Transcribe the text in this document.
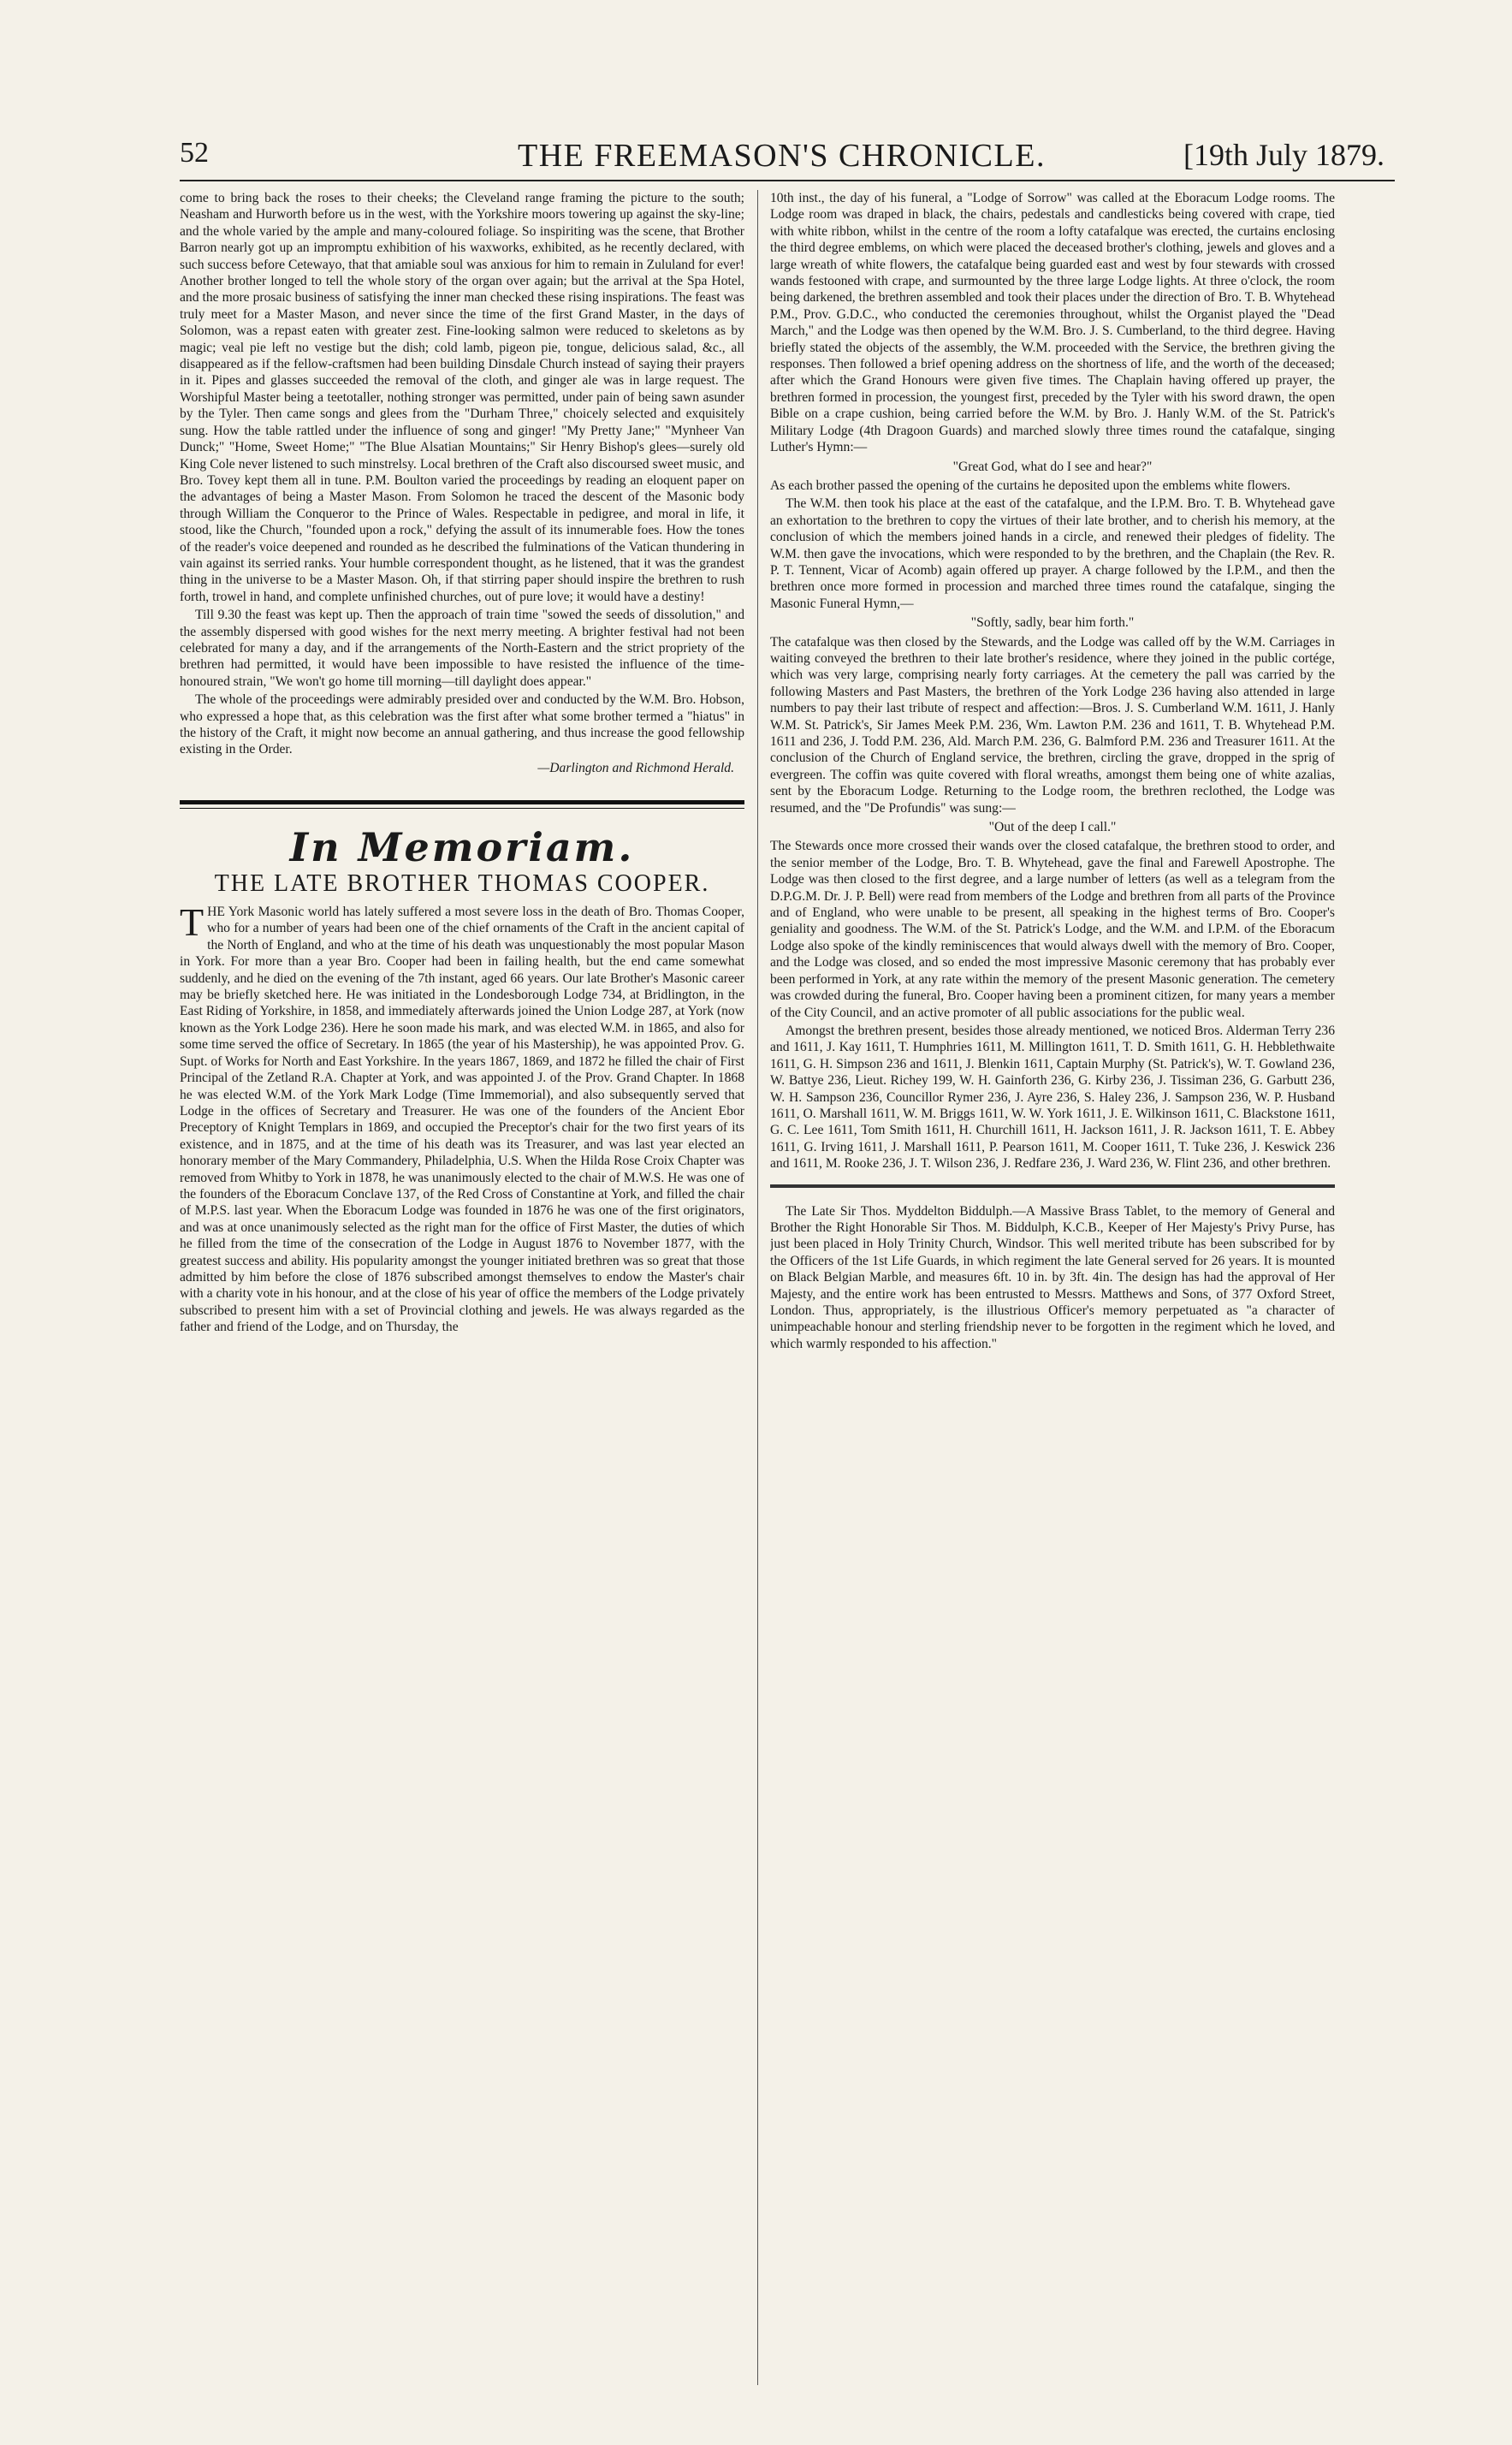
52	THE FREEMASON'S CHRONICLE.	[19th July 1879.

come to bring back the roses to their cheeks; the Cleveland range framing the picture to the south; Neasham and Hurworth before us in the west, with the Yorkshire moors towering up against the sky-line; and the whole varied by the ample and many-coloured foliage. So inspiriting was the scene, that Brother Barron nearly got up an impromptu exhibition of his waxworks, exhibited, as he recently declared, with such success before Cetewayo, that that amiable soul was anxious for him to remain in Zululand for ever! Another brother longed to tell the whole story of the organ over again; but the arrival at the Spa Hotel, and the more prosaic business of satisfying the inner man checked these rising inspirations. The feast was truly meet for a Master Mason, and never since the time of the first Grand Master, in the days of Solomon, was a repast eaten with greater zest. Fine-looking salmon were reduced to skeletons as by magic; veal pie left no vestige but the dish; cold lamb, pigeon pie, tongue, delicious salad, &c., all disappeared as if the fellow-craftsmen had been building Dinsdale Church instead of saying their prayers in it. Pipes and glasses succeeded the removal of the cloth, and ginger ale was in large request. The Worshipful Master being a teetotaller, nothing stronger was permitted, under pain of being sawn asunder by the Tyler. Then came songs and glees from the "Durham Three," choicely selected and exquisitely sung. How the table rattled under the influence of song and ginger! "My Pretty Jane;" "Mynheer Van Dunck;" "Home, Sweet Home;" "The Blue Alsatian Mountains;" Sir Henry Bishop's glees—surely old King Cole never listened to such minstrelsy. Local brethren of the Craft also discoursed sweet music, and Bro. Tovey kept them all in tune. P.M. Boulton varied the proceedings by reading an eloquent paper on the advantages of being a Master Mason. From Solomon he traced the descent of the Masonic body through William the Conqueror to the Prince of Wales. Respectable in pedigree, and moral in life, it stood, like the Church, "founded upon a rock," defying the assult of its innumerable foes. How the tones of the reader's voice deepened and rounded as he described the fulminations of the Vatican thundering in vain against its serried ranks. Your humble correspondent thought, as he listened, that it was the grandest thing in the universe to be a Master Mason. Oh, if that stirring paper should inspire the brethren to rush forth, trowel in hand, and complete unfinished churches, out of pure love; it would have a destiny!

Till 9.30 the feast was kept up. Then the approach of train time "sowed the seeds of dissolution," and the assembly dispersed with good wishes for the next merry meeting. A brighter festival had not been celebrated for many a day, and if the arrangements of the North-Eastern and the strict propriety of the brethren had permitted, it would have been impossible to have resisted the influence of the time-honoured strain, "We won't go home till morning—till daylight does appear."

The whole of the proceedings were admirably presided over and conducted by the W.M. Bro. Hobson, who expressed a hope that, as this celebration was the first after what some brother termed a "hiatus" in the history of the Craft, it might now become an annual gathering, and thus increase the good fellowship existing in the Order.

—Darlington and Richmond Herald.

In Memoriam.
THE LATE BROTHER THOMAS COOPER.

THE York Masonic world has lately suffered a most severe loss in the death of Bro. Thomas Cooper, who for a number of years had been one of the chief ornaments of the Craft in the ancient capital of the North of England, and who at the time of his death was unquestionably the most popular Mason in York. For more than a year Bro. Cooper had been in failing health, but the end came somewhat suddenly, and he died on the evening of the 7th instant, aged 66 years. Our late Brother's Masonic career may be briefly sketched here. He was initiated in the Londesborough Lodge 734, at Bridlington, in the East Riding of Yorkshire, in 1858, and immediately afterwards joined the Union Lodge 287, at York (now known as the York Lodge 236). Here he soon made his mark, and was elected W.M. in 1865, and also for some time served the office of Secretary. In 1865 (the year of his Mastership), he was appointed Prov. G. Supt. of Works for North and East Yorkshire. In the years 1867, 1869, and 1872 he filled the chair of First Principal of the Zetland R.A. Chapter at York, and was appointed J. of the Prov. Grand Chapter. In 1868 he was elected W.M. of the York Mark Lodge (Time Immemorial), and also subsequently served that Lodge in the offices of Secretary and Treasurer. He was one of the founders of the Ancient Ebor Preceptory of Knight Templars in 1869, and occupied the Preceptor's chair for the two first years of its existence, and in 1875, and at the time of his death was its Treasurer, and was last year elected an honorary member of the Mary Commandery, Philadelphia, U.S. When the Hilda Rose Croix Chapter was removed from Whitby to York in 1878, he was unanimously elected to the chair of M.W.S. He was one of the founders of the Eboracum Conclave 137, of the Red Cross of Constantine at York, and filled the chair of M.P.S. last year. When the Eboracum Lodge was founded in 1876 he was one of the first originators, and was at once unanimously selected as the right man for the office of First Master, the duties of which he filled from the time of the consecration of the Lodge in August 1876 to November 1877, with the greatest success and ability. His popularity amongst the younger initiated brethren was so great that those admitted by him before the close of 1876 subscribed amongst themselves to endow the Master's chair with a charity vote in his honour, and at the close of his year of office the members of the Lodge privately subscribed to present him with a set of Provincial clothing and jewels. He was always regarded as the father and friend of the Lodge, and on Thursday, the

10th inst., the day of his funeral, a "Lodge of Sorrow" was called at the Eboracum Lodge rooms. The Lodge room was draped in black, the chairs, pedestals and candlesticks being covered with crape, tied with white ribbon, whilst in the centre of the room a lofty catafalque was erected, the curtains enclosing the third degree emblems, on which were placed the deceased brother's clothing, jewels and gloves and a large wreath of white flowers, the catafalque being guarded east and west by four stewards with crossed wands festooned with crape, and surmounted by the three large Lodge lights. At three o'clock, the room being darkened, the brethren assembled and took their places under the direction of Bro. T. B. Whytehead P.M., Prov. G.D.C., who conducted the ceremonies throughout, whilst the Organist played the "Dead March," and the Lodge was then opened by the W.M. Bro. J. S. Cumberland, to the third degree. Having briefly stated the objects of the assembly, the W.M. proceeded with the Service, the brethren giving the responses. Then followed a brief opening address on the shortness of life, and the worth of the deceased; after which the Grand Honours were given five times. The Chaplain having offered up prayer, the brethren formed in procession, the youngest first, preceded by the Tyler with his sword drawn, the open Bible on a crape cushion, being carried before the W.M. by Bro. J. Hanly W.M. of the St. Patrick's Military Lodge (4th Dragoon Guards) and marched slowly three times round the catafalque, singing Luther's Hymn:—

"Great God, what do I see and hear?"

As each brother passed the opening of the curtains he deposited upon the emblems white flowers.

The W.M. then took his place at the east of the catafalque, and the I.P.M. Bro. T. B. Whytehead gave an exhortation to the brethren to copy the virtues of their late brother, and to cherish his memory, at the conclusion of which the members joined hands in a circle, and renewed their pledges of fidelity. The W.M. then gave the invocations, which were responded to by the brethren, and the Chaplain (the Rev. R. P. T. Tennent, Vicar of Acomb) again offered up prayer. A charge followed by the I.P.M., and then the brethren once more formed in procession and marched three times round the catafalque, singing the Masonic Funeral Hymn,—

"Softly, sadly, bear him forth."

The catafalque was then closed by the Stewards, and the Lodge was called off by the W.M. Carriages in waiting conveyed the brethren to their late brother's residence, where they joined in the public cortége, which was very large, comprising nearly forty carriages. At the cemetery the pall was carried by the following Masters and Past Masters, the brethren of the York Lodge 236 having also attended in large numbers to pay their last tribute of respect and affection:—Bros. J. S. Cumberland W.M. 1611, J. Hanly W.M. St. Patrick's, Sir James Meek P.M. 236, Wm. Lawton P.M. 236 and 1611, T. B. Whytehead P.M. 1611 and 236, J. Todd P.M. 236, Ald. March P.M. 236, G. Balmford P.M. 236 and Treasurer 1611. At the conclusion of the Church of England service, the brethren, circling the grave, dropped in the sprig of evergreen. The coffin was quite covered with floral wreaths, amongst them being one of white azalias, sent by the Eboracum Lodge. Returning to the Lodge room, the brethren reclothed, the Lodge was resumed, and the "De Profundis" was sung:—

"Out of the deep I call."

The Stewards once more crossed their wands over the closed catafalque, the brethren stood to order, and the senior member of the Lodge, Bro. T. B. Whytehead, gave the final and Farewell Apostrophe. The Lodge was then closed to the first degree, and a large number of letters (as well as a telegram from the D.P.G.M. Dr. J. P. Bell) were read from members of the Lodge and brethren from all parts of the Province and of England, who were unable to be present, all speaking in the highest terms of Bro. Cooper's geniality and goodness. The W.M. of the St. Patrick's Lodge, and the W.M. and I.P.M. of the Eboracum Lodge also spoke of the kindly reminiscences that would always dwell with the memory of Bro. Cooper, and the Lodge was closed, and so ended the most impressive Masonic ceremony that has probably ever been performed in York, at any rate within the memory of the present Masonic generation. The cemetery was crowded during the funeral, Bro. Cooper having been a prominent citizen, for many years a member of the City Council, and an active promoter of all public associations for the public weal.

Amongst the brethren present, besides those already mentioned, we noticed Bros. Alderman Terry 236 and 1611, J. Kay 1611, T. Humphries 1611, M. Millington 1611, T. D. Smith 1611, G. H. Hebblethwaite 1611, G. H. Simpson 236 and 1611, J. Blenkin 1611, Captain Murphy (St. Patrick's), W. T. Gowland 236, W. Battye 236, Lieut. Richey 199, W. H. Gainforth 236, G. Kirby 236, J. Tissiman 236, G. Garbutt 236, W. H. Sampson 236, Councillor Rymer 236, J. Ayre 236, S. Haley 236, J. Sampson 236, W. P. Husband 1611, O. Marshall 1611, W. M. Briggs 1611, W. W. York 1611, J. E. Wilkinson 1611, C. Blackstone 1611, G. C. Lee 1611, Tom Smith 1611, H. Churchill 1611, H. Jackson 1611, J. R. Jackson 1611, T. E. Abbey 1611, G. Irving 1611, J. Marshall 1611, P. Pearson 1611, M. Cooper 1611, T. Tuke 236, J. Keswick 236 and 1611, M. Rooke 236, J. T. Wilson 236, J. Redfare 236, J. Ward 236, W. Flint 236, and other brethren.

The Late Sir Thos. Myddelton Biddulph.—A Massive Brass Tablet, to the memory of General and Brother the Right Honorable Sir Thos. M. Biddulph, K.C.B., Keeper of Her Majesty's Privy Purse, has just been placed in Holy Trinity Church, Windsor. This well merited tribute has been subscribed for by the Officers of the 1st Life Guards, in which regiment the late General served for 26 years. It is mounted on Black Belgian Marble, and measures 6ft. 10 in. by 3ft. 4in. The design has had the approval of Her Majesty, and the entire work has been entrusted to Messrs. Matthews and Sons, of 377 Oxford Street, London. Thus, appropriately, is the illustrious Officer's memory perpetuated as "a character of unimpeachable honour and sterling friendship never to be forgotten in the regiment which he loved, and which warmly responded to his affection."
